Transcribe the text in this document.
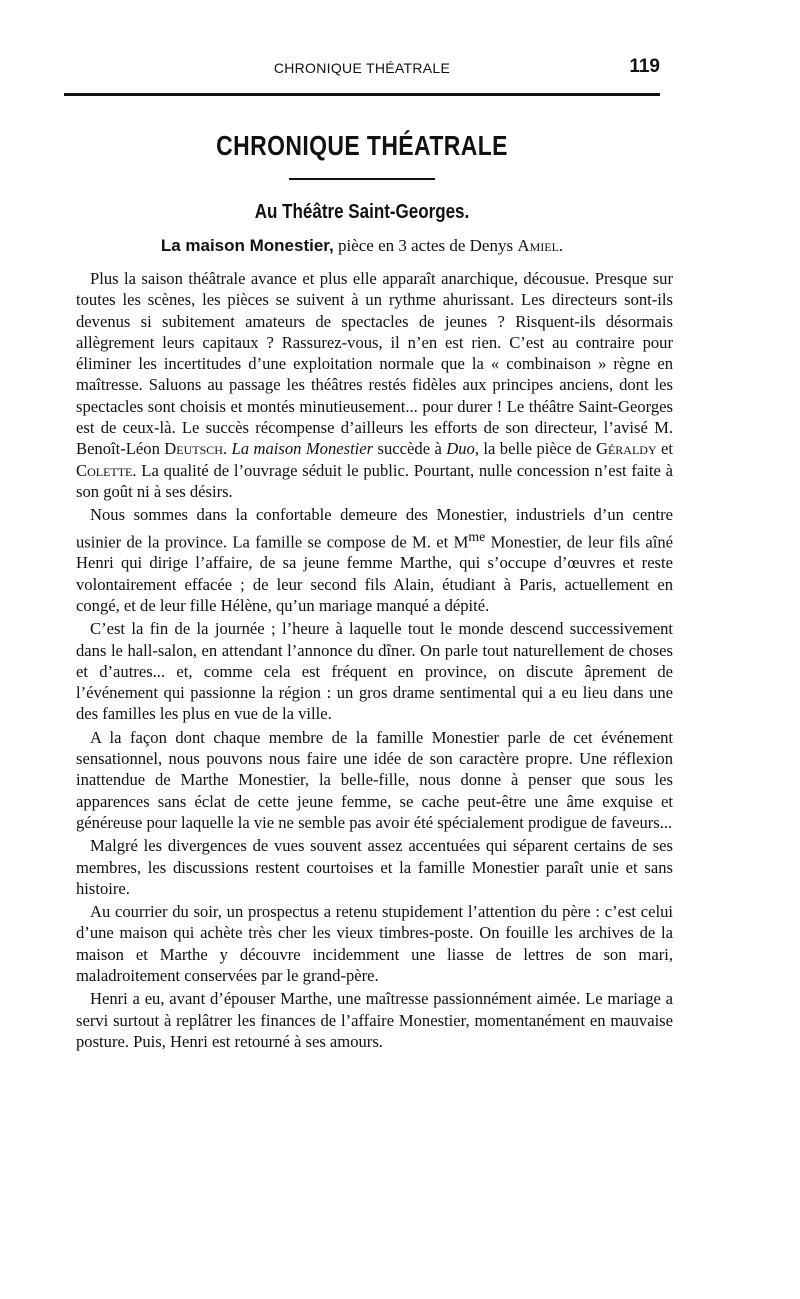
CHRONIQUE THÉATRALE	119
CHRONIQUE THÉATRALE
Au Théâtre Saint-Georges.
La maison Monestier, pièce en 3 actes de Denys Amiel.

Plus la saison théâtrale avance et plus elle apparaît anarchique, décousue. Presque sur toutes les scènes, les pièces se suivent à un rythme ahurissant. Les directeurs sont-ils devenus si subitement amateurs de spectacles de jeunes ? Risquent-ils désormais allègrement leurs capitaux ? Rassurez-vous, il n’en est rien. C’est au contraire pour éliminer les incertitudes d’une exploitation normale que la « combinaison » règne en maîtresse. Saluons au passage les théâtres restés fidèles aux principes anciens, dont les spectacles sont choisis et montés minutieusement... pour durer ! Le théâtre Saint-Georges est de ceux-là. Le succès récompense d’ailleurs les efforts de son directeur, l’avisé M. Benoît-Léon Deutsch. La maison Monestier succède à Duo, la belle pièce de Géraldy et Colette. La qualité de l’ouvrage séduit le public. Pourtant, nulle concession n’est faite à son goût ni à ses désirs.

Nous sommes dans la confortable demeure des Monestier, industriels d’un centre usinier de la province. La famille se compose de M. et $M^{me}$ Monestier, de leur fils aîné Henri qui dirige l’affaire, de sa jeune femme Marthe, qui s’occupe d’œuvres et reste volontairement effacée ; de leur second fils Alain, étudiant à Paris, actuellement en congé, et de leur fille Hélène, qu’un mariage manqué a dépité.

C’est la fin de la journée ; l’heure à laquelle tout le monde descend successivement dans le hall-salon, en attendant l’annonce du dîner. On parle tout naturellement de choses et d’autres... et, comme cela est fréquent en province, on discute âprement de l’événement qui passionne la région : un gros drame sentimental qui a eu lieu dans une des familles les plus en vue de la ville.

A la façon dont chaque membre de la famille Monestier parle de cet événement sensationnel, nous pouvons nous faire une idée de son caractère propre. Une réflexion inattendue de Marthe Monestier, la belle-fille, nous donne à penser que sous les apparences sans éclat de cette jeune femme, se cache peut-être une âme exquise et généreuse pour laquelle la vie ne semble pas avoir été spécialement prodigue de faveurs...

Malgré les divergences de vues souvent assez accentuées qui séparent certains de ses membres, les discussions restent courtoises et la famille Monestier paraît unie et sans histoire.

Au courrier du soir, un prospectus a retenu stupidement l’attention du père : c’est celui d’une maison qui achète très cher les vieux timbres-poste. On fouille les archives de la maison et Marthe y découvre incidemment une liasse de lettres de son mari, maladroitement conservées par le grand-père.

Henri a eu, avant d’épouser Marthe, une maîtresse passionnément aimée. Le mariage a servi surtout à replâtrer les finances de l’affaire Monestier, momentanément en mauvaise posture. Puis, Henri est retourné à ses amours.
